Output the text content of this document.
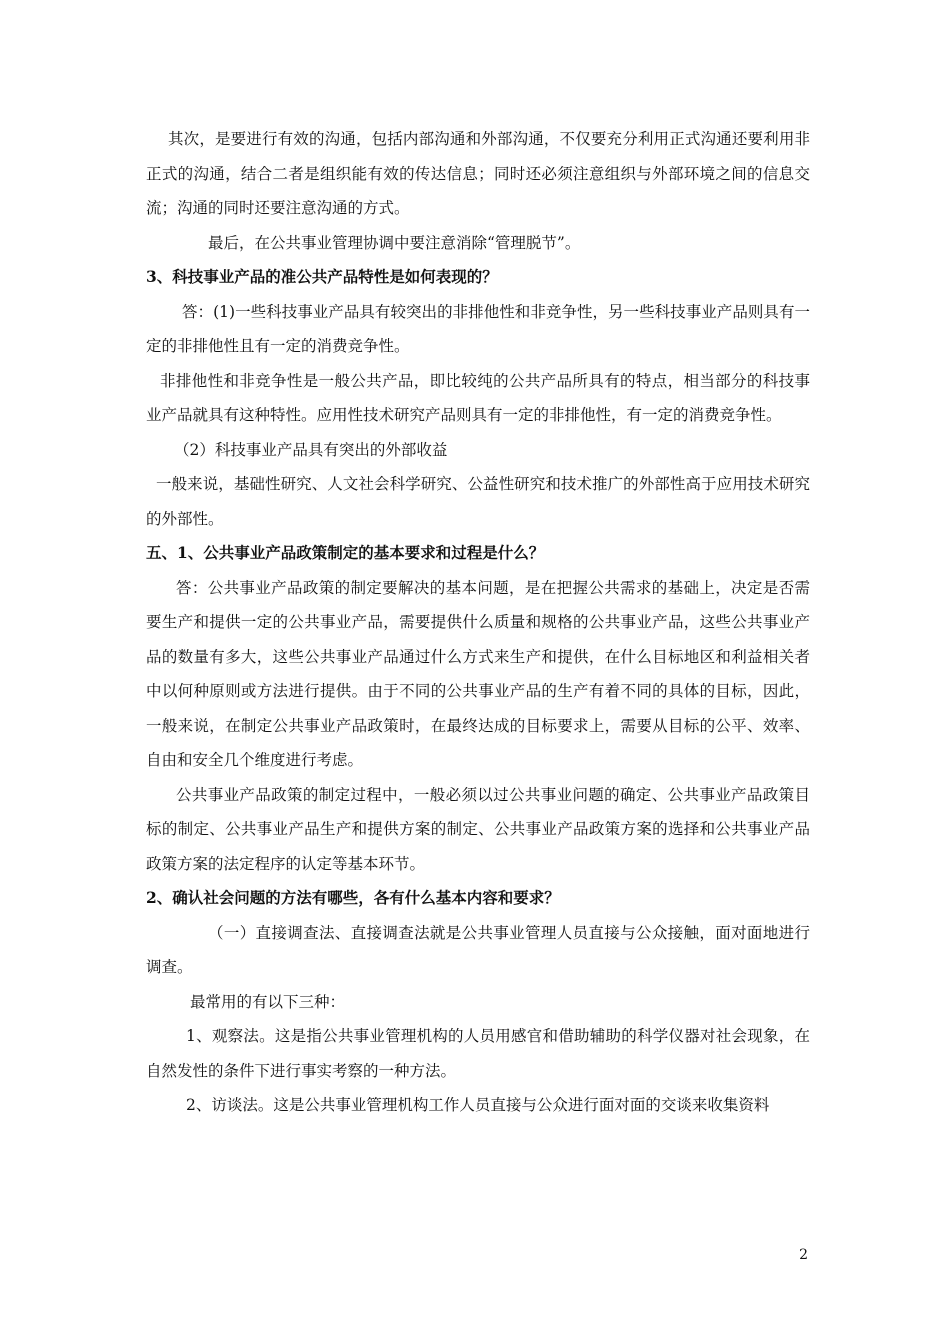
其次，是要进行有效的沟通，包括内部沟通和外部沟通，不仅要充分利用正式沟通还要利用非正式的沟通，结合二者是组织能有效的传达信息；同时还必须注意组织与外部环境之间的信息交流；沟通的同时还要注意沟通的方式。

最后，在公共事业管理协调中要注意消除“管理脱节”。

3、科技事业产品的准公共产品特性是如何表现的？

答：(1)一些科技事业产品具有较突出的非排他性和非竞争性，另一些科技事业产品则具有一定的非排他性且有一定的消费竞争性。

非排他性和非竞争性是一般公共产品，即比较纯的公共产品所具有的特点，相当部分的科技事业产品就具有这种特性。应用性技术研究产品则具有一定的非排他性，有一定的消费竞争性。

（2）科技事业产品具有突出的外部收益

一般来说，基础性研究、人文社会科学研究、公益性研究和技术推广的外部性高于应用技术研究的外部性。

五、1、公共事业产品政策制定的基本要求和过程是什么？

答：公共事业产品政策的制定要解决的基本问题，是在把握公共需求的基础上，决定是否需要生产和提供一定的公共事业产品，需要提供什么质量和规格的公共事业产品，这些公共事业产品的数量有多大，这些公共事业产品通过什么方式来生产和提供，在什么目标地区和利益相关者中以何种原则或方法进行提供。由于不同的公共事业产品的生产有着不同的具体的目标，因此，一般来说，在制定公共事业产品政策时，在最终达成的目标要求上，需要从目标的公平、效率、自由和安全几个维度进行考虑。

公共事业产品政策的制定过程中，一般必须以过公共事业问题的确定、公共事业产品政策目标的制定、公共事业产品生产和提供方案的制定、公共事业产品政策方案的选择和公共事业产品政策方案的法定程序的认定等基本环节。

2、确认社会问题的方法有哪些，各有什么基本内容和要求？

（一）直接调查法、直接调查法就是公共事业管理人员直接与公众接触，面对面地进行调查。

最常用的有以下三种：

1、观察法。这是指公共事业管理机构的人员用感官和借助辅助的科学仪器对社会现象，在自然发性的条件下进行事实考察的一种方法。

2、访谈法。这是公共事业管理机构工作人员直接与公众进行面对面的交谈来收集资料

2
